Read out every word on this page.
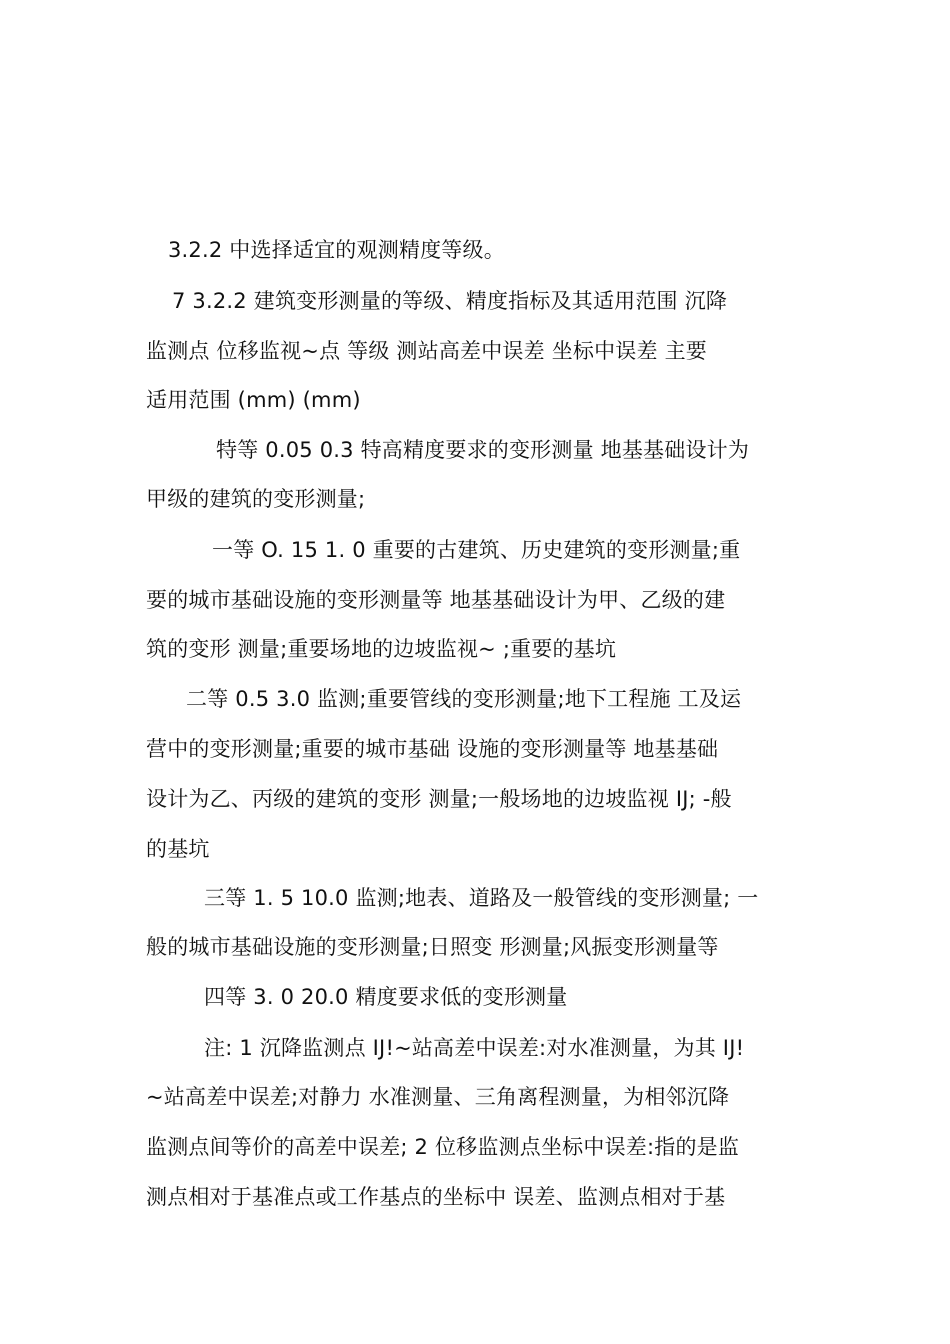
3.2.2 中选择适宜的观测精度等级。
7 3.2.2 建筑变形测量的等级、精度指标及其适用范围 沉降
监测点 位移监视~点 等级 测站高差中误差 坐标中误差 主要
适用范围 (mm) (mm)
特等 0.05 0.3 特高精度要求的变形测量 地基基础设计为
甲级的建筑的变形测量;
一等 O. 15 1. 0 重要的古建筑、历史建筑的变形测量;重
要的城市基础设施的变形测量等 地基基础设计为甲、乙级的建
筑的变形 测量;重要场地的边坡监视~ ;重要的基坑
二等 0.5 3.0 监测;重要管线的变形测量;地下工程施 工及运
营中的变形测量;重要的城市基础 设施的变形测量等 地基基础
设计为乙、丙级的建筑的变形 测量;一般场地的边坡监视 IJ; -般
的基坑
三等 1. 5 10.0 监测;地表、道路及一般管线的变形测量; 一
般的城市基础设施的变形测量;日照变 形测量;风振变形测量等
四等 3. 0 20.0 精度要求低的变形测量
注: 1 沉降监测点 IJ!~站高差中误差:对水准测量，为其 IJ!
~站高差中误差;对静力 水准测量、三角离程测量，为相邻沉降
监测点间等价的高差中误差; 2 位移监测点坐标中误差:指的是监
测点相对于基准点或工作基点的坐标中 误差、监测点相对于基
